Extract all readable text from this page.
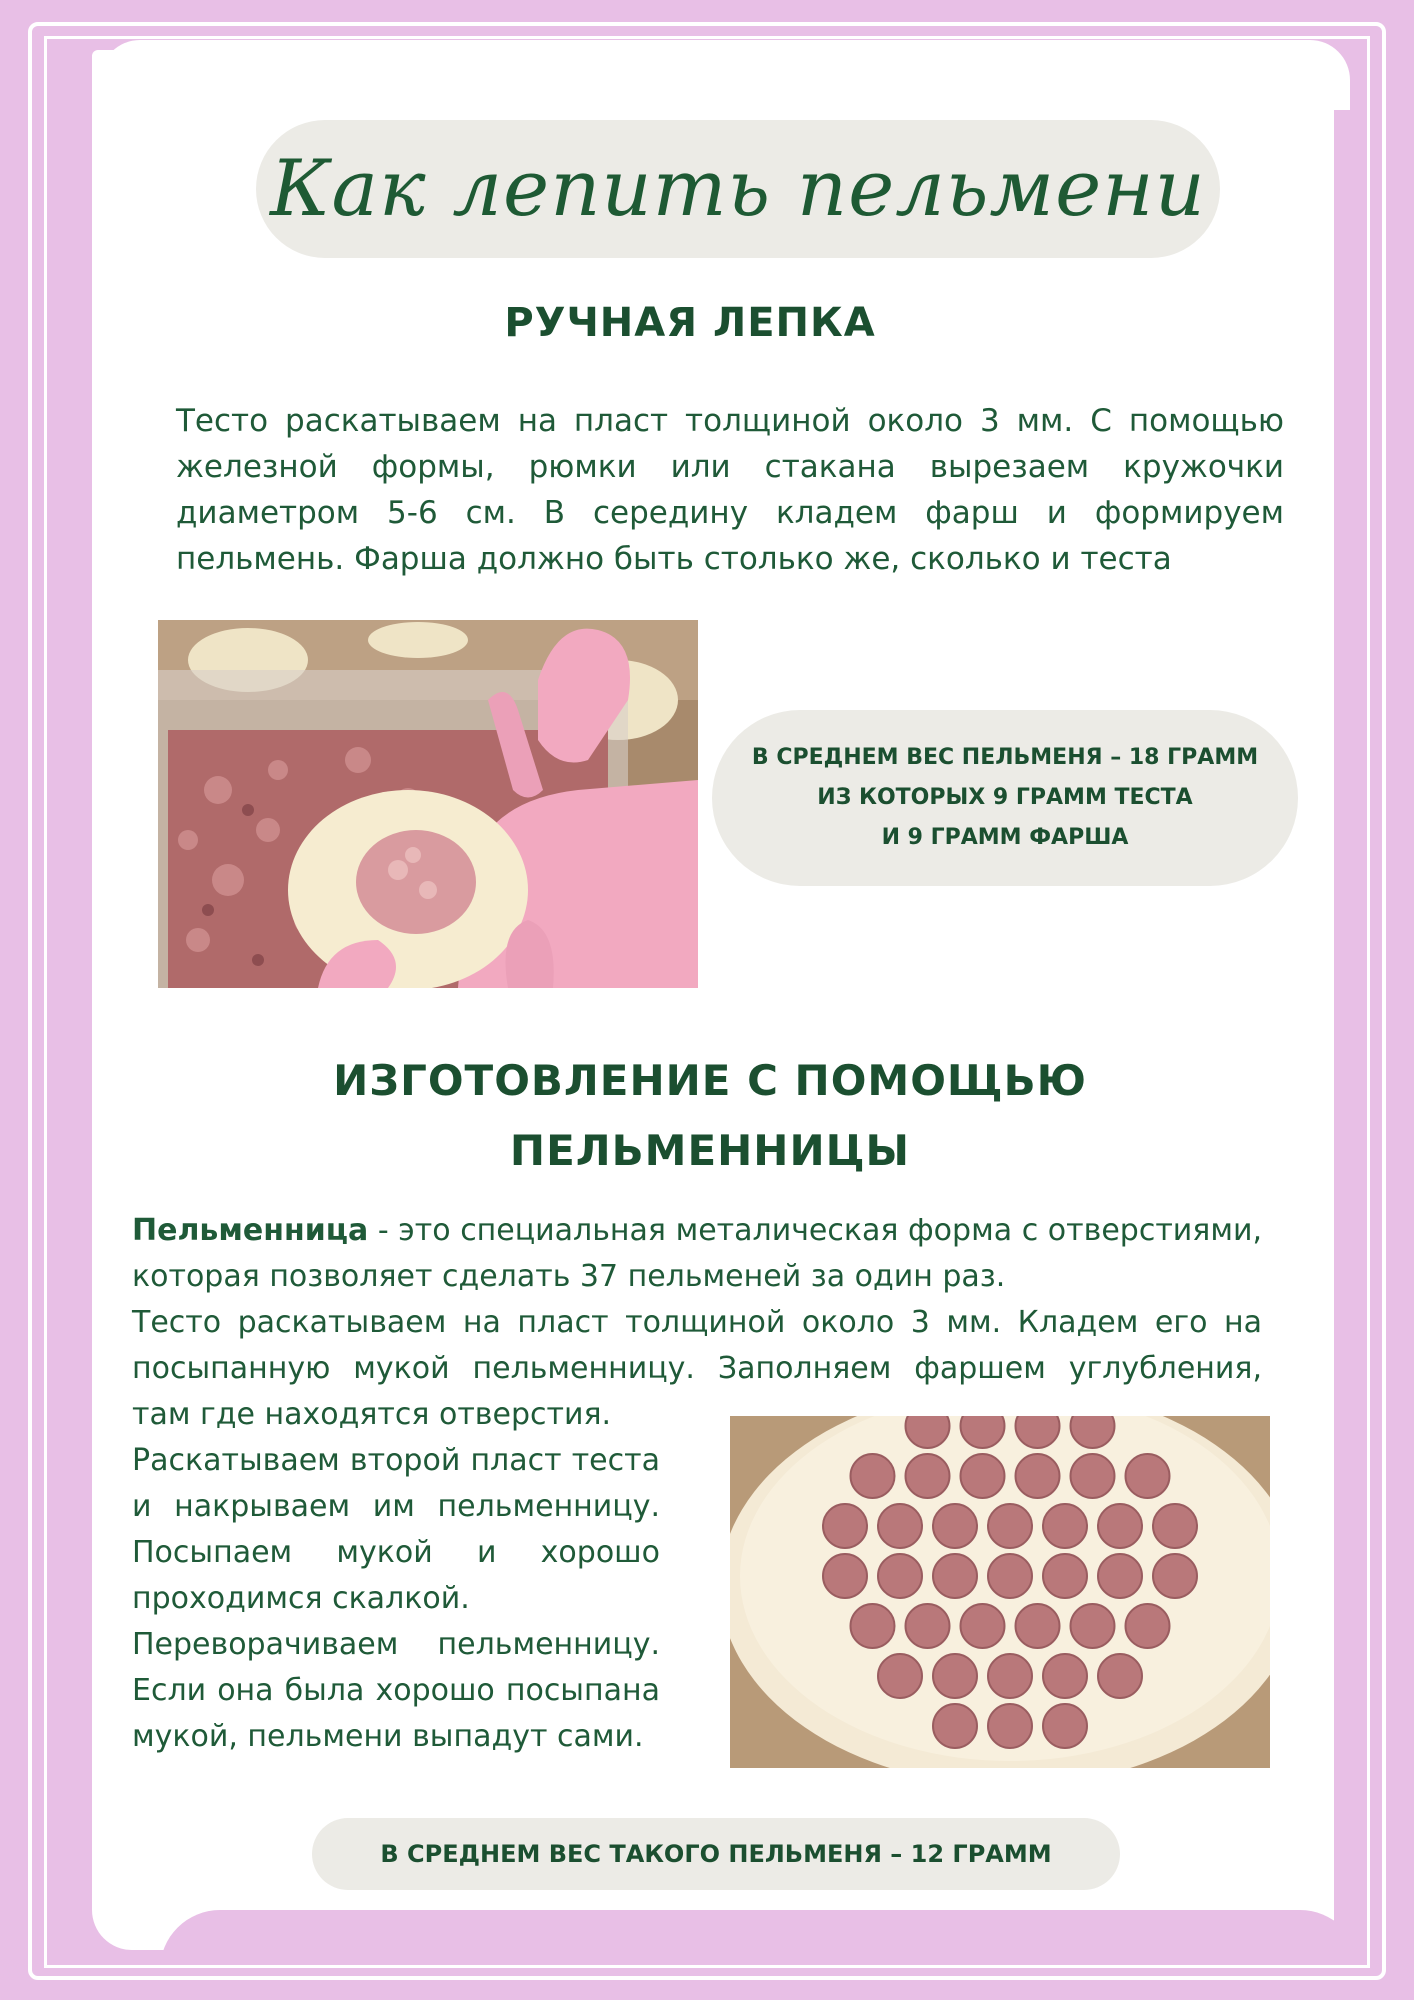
Как лепить пельмени
РУЧНАЯ ЛЕПКА
Тесто раскатываем на пласт толщиной около 3 мм. С помощью железной формы, рюмки или стакана вырезаем кружочки диаметром 5-6 см. В середину кладем фарш и формируем пельмень. Фарша должно быть столько же, сколько и теста
В СРЕДНЕМ ВЕС ПЕЛЬМЕНЯ – 18 ГРАММ
ИЗ КОТОРЫХ 9 ГРАММ ТЕСТА
И 9 ГРАММ ФАРША
ИЗГОТОВЛЕНИЕ С ПОМОЩЬЮ
ПЕЛЬМЕННИЦЫ
Пельменница - это специальная металическая форма с отверстиями, которая позволяет сделать 37 пельменей за один раз.
Тесто раскатываем на пласт толщиной около 3 мм. Кладем его на посыпанную мукой пельменницу. Заполняем фаршем углубления, там где находятся отверстия.
Раскатываем второй пласт теста и накрываем им пельменницу. Посыпаем мукой и хорошо проходимся скалкой.
Переворачиваем пельменницу. Если она была хорошо посыпана мукой, пельмени выпадут сами.
В СРЕДНЕМ ВЕС ТАКОГО ПЕЛЬМЕНЯ – 12 ГРАММ
